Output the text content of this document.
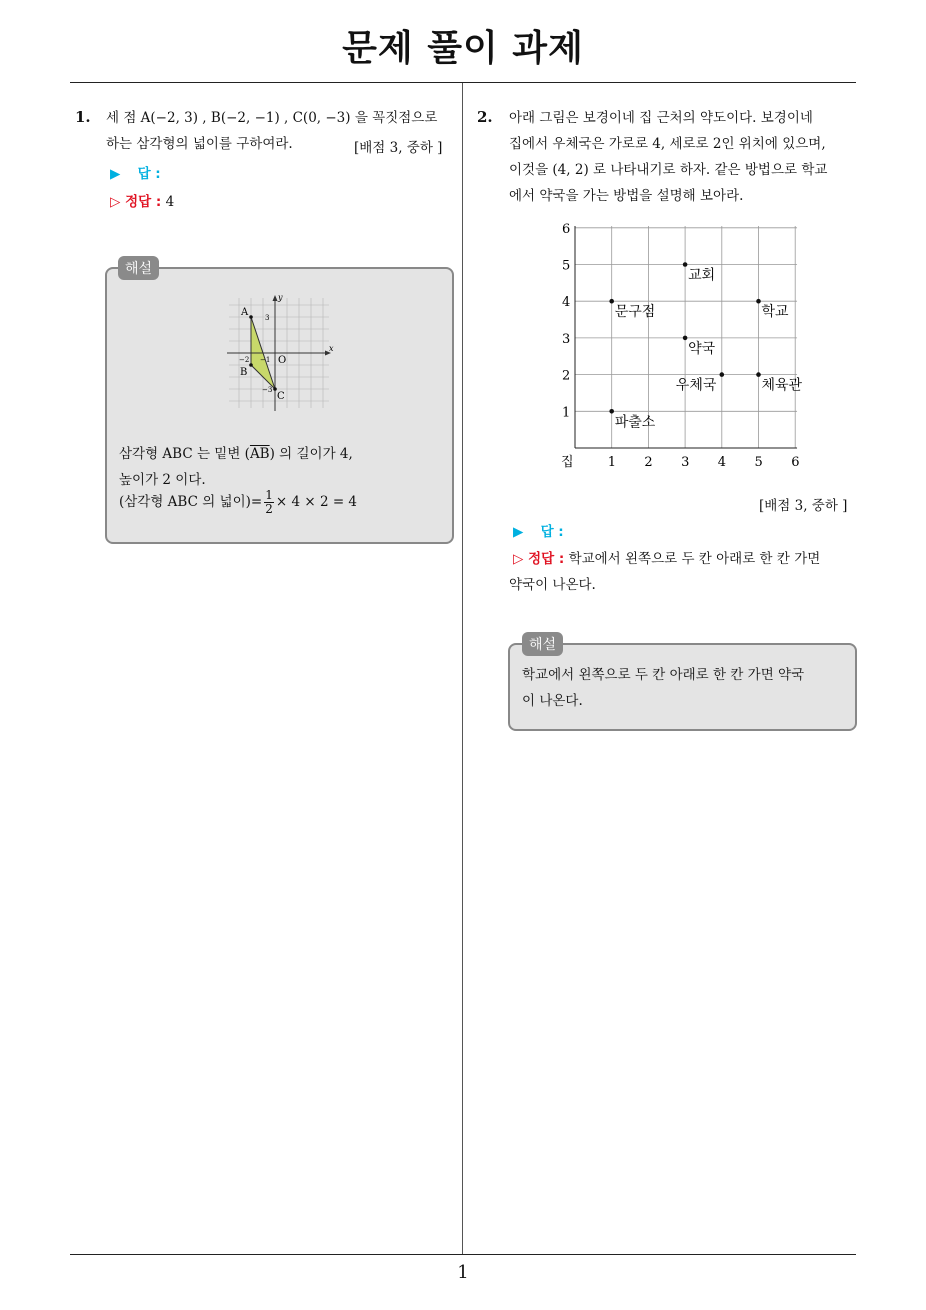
문제 풀이 과제
1
1. 세 점 A(−2, 3) , B(−2, −1) , C(0, −3) 을 꼭짓점으로
하는 삼각형의 넓이를 구하여라.	[배점 3, 중하 ]
▶ 답 :
▷ 정답 : 4
A
B
C
O
x
y
3
−2 −1
−3
삼각형 ABC 는 밑변 $(\overline{AB})$ 의 길이가 4,
높이가 2 이다.
(삼각형 ABC 의 넓이)= $\frac{1}{2} \times 4 \times 2 = 4$
해설
2. 아래 그림은 보경이네 집 근처의 약도이다. 보경이네
집에서 우체국은 가로로 4, 세로로 2인 위치에 있으며,
이것을 (4, 2) 로 나타내기로 하자. 같은 방법으로 학교
에서 약국을 가는 방법을 설명해 보아라.
1 2 3 4 5 6
1
2
3
4
5
6
집
교회
문구점	학교
약국
우체국	체육관
파출소
[배점 3, 중하 ]
▶ 답 :
▷ 정답 : 학교에서 왼쪽으로 두 칸 아래로 한 칸 가면
약국이 나온다.
학교에서 왼쪽으로 두 칸 아래로 한 칸 가면 약국
이 나온다.
해설
